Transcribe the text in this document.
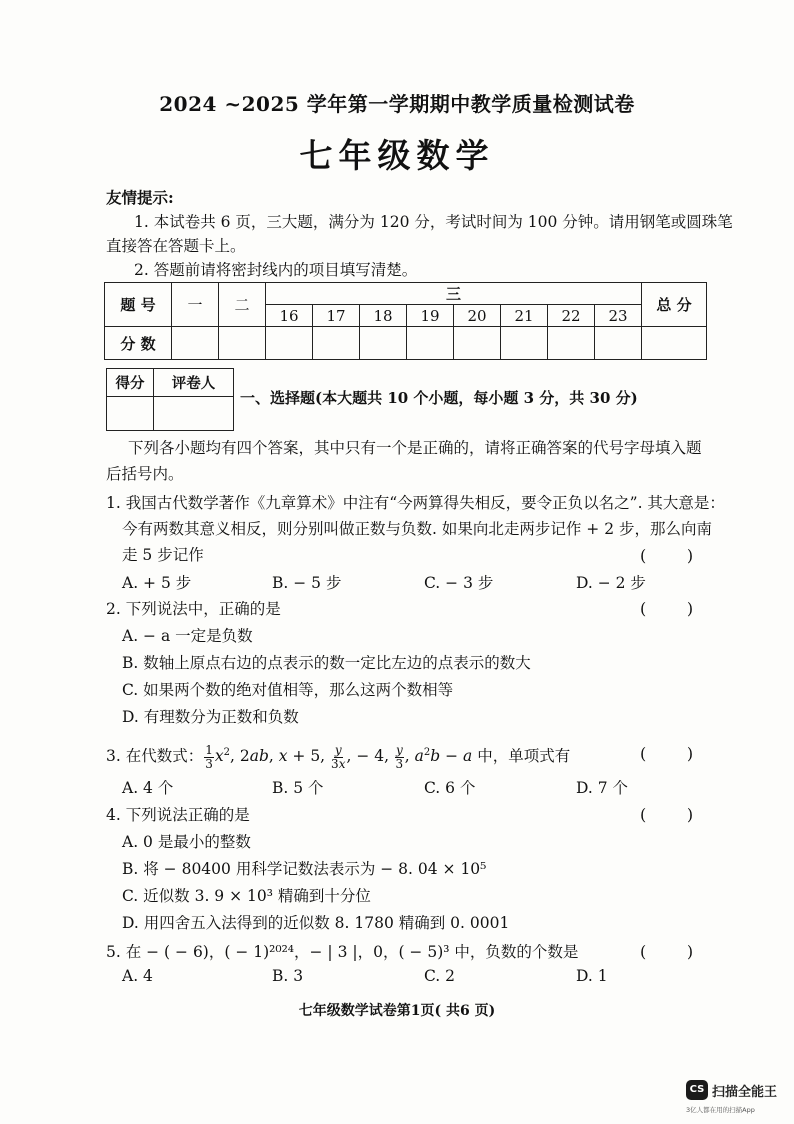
2024 ~2025 学年第一学期期中教学质量检测试卷
七年级数学
友情提示:
1. 本试卷共 6 页，三大题，满分为 120 分，考试时间为 100 分钟。请用钢笔或圆珠笔
直接答在答题卡上。
2. 答题前请将密封线内的项目填写清楚。
题 号	一	二	三								总 分
			16	17	18	19	20	21	22	23	
分 数											
得分	评卷人

一、选择题(本大题共 10 个小题，每小题 3 分，共 30 分)
下列各小题均有四个答案，其中只有一个是正确的，请将正确答案的代号字母填入题
后括号内。
1. 我国古代数学著作《九章算术》中注有“今两算得失相反，要令正负以名之”. 其大意是：
今有两数其意义相反，则分别叫做正数与负数. 如果向北走两步记作 + 2 步，那么向南
走 5 步记作	(        )
A. + 5 步	B. − 5 步	C. − 3 步	D. − 2 步
2. 下列说法中，正确的是	(        )
A. − a 一定是负数
B. 数轴上原点右边的点表示的数一定比左边的点表示的数大
C. 如果两个数的绝对值相等，那么这两个数相等
D. 有理数分为正数和负数
3. 在代数式： $\frac{1}{3} x^2$, 2ab, x + 5, $\frac{y}{3x}$ , − 4, $\frac{y}{3}$ , $a^2b - a$ 中，单项式有	(        )
A. 4 个	B. 5 个	C. 6 个	D. 7 个
4. 下列说法正确的是	(        )
A. 0 是最小的整数
B. 将 − 80400 用科学记数法表示为 − 8. 04 × 10⁵
C. 近似数 3. 9 × 10³ 精确到十分位
D. 用四舍五入法得到的近似数 8. 1780 精确到 0. 0001
5. 在 − ( − 6)，( − 1)²⁰²⁴，− | 3 |，0，( − 5)³ 中，负数的个数是	(        )
A. 4	B. 3	C. 2	D. 1
七年级数学试卷第1页( 共6 页)
CS 扫描全能王
3亿人都在用的扫描App
